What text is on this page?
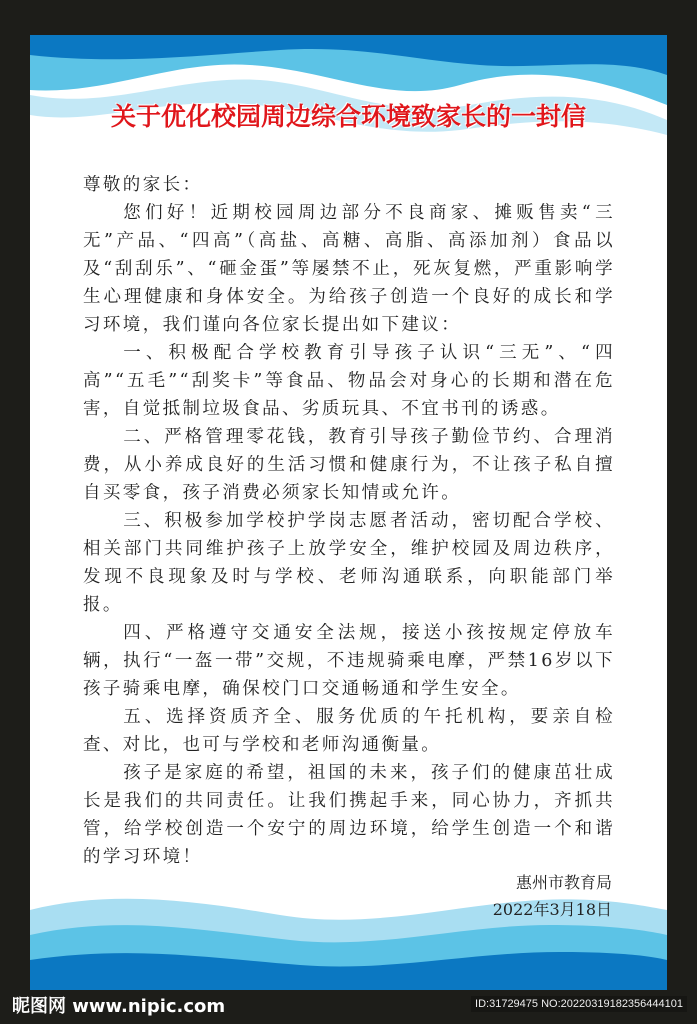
关于优化校园周边综合环境致家长的一封信

尊敬的家长：

您们好！近期校园周边部分不良商家、摊贩售卖“三无”产品、“四高”（高盐、高糖、高脂、高添加剂）食品以及“刮刮乐”、“砸金蛋”等屡禁不止，死灰复燃，严重影响学生心理健康和身体安全。为给孩子创造一个良好的成长和学习环境，我们谨向各位家长提出如下建议：

一、积极配合学校教育引导孩子认识“三无”、“四高”“五毛”“刮奖卡”等食品、物品会对身心的长期和潜在危害，自觉抵制垃圾食品、劣质玩具、不宜书刊的诱惑。

二、严格管理零花钱，教育引导孩子勤俭节约、合理消费，从小养成良好的生活习惯和健康行为，不让孩子私自擅自买零食，孩子消费必须家长知情或允许。

三、积极参加学校护学岗志愿者活动，密切配合学校、相关部门共同维护孩子上放学安全，维护校园及周边秩序，发现不良现象及时与学校、老师沟通联系，向职能部门举报。

四、严格遵守交通安全法规，接送小孩按规定停放车辆，执行“一盔一带”交规，不违规骑乘电摩，严禁16岁以下孩子骑乘电摩，确保校门口交通畅通和学生安全。

五、选择资质齐全、服务优质的午托机构，要亲自检查、对比，也可与学校和老师沟通衡量。

孩子是家庭的希望，祖国的未来，孩子们的健康茁壮成长是我们的共同责任。让我们携起手来，同心协力，齐抓共管，给学校创造一个安宁的周边环境，给学生创造一个和谐的学习环境！

惠州市教育局
2022年3月18日
昵图网 www.nipic.com	ID:31729475 NO:20220319182356444101
